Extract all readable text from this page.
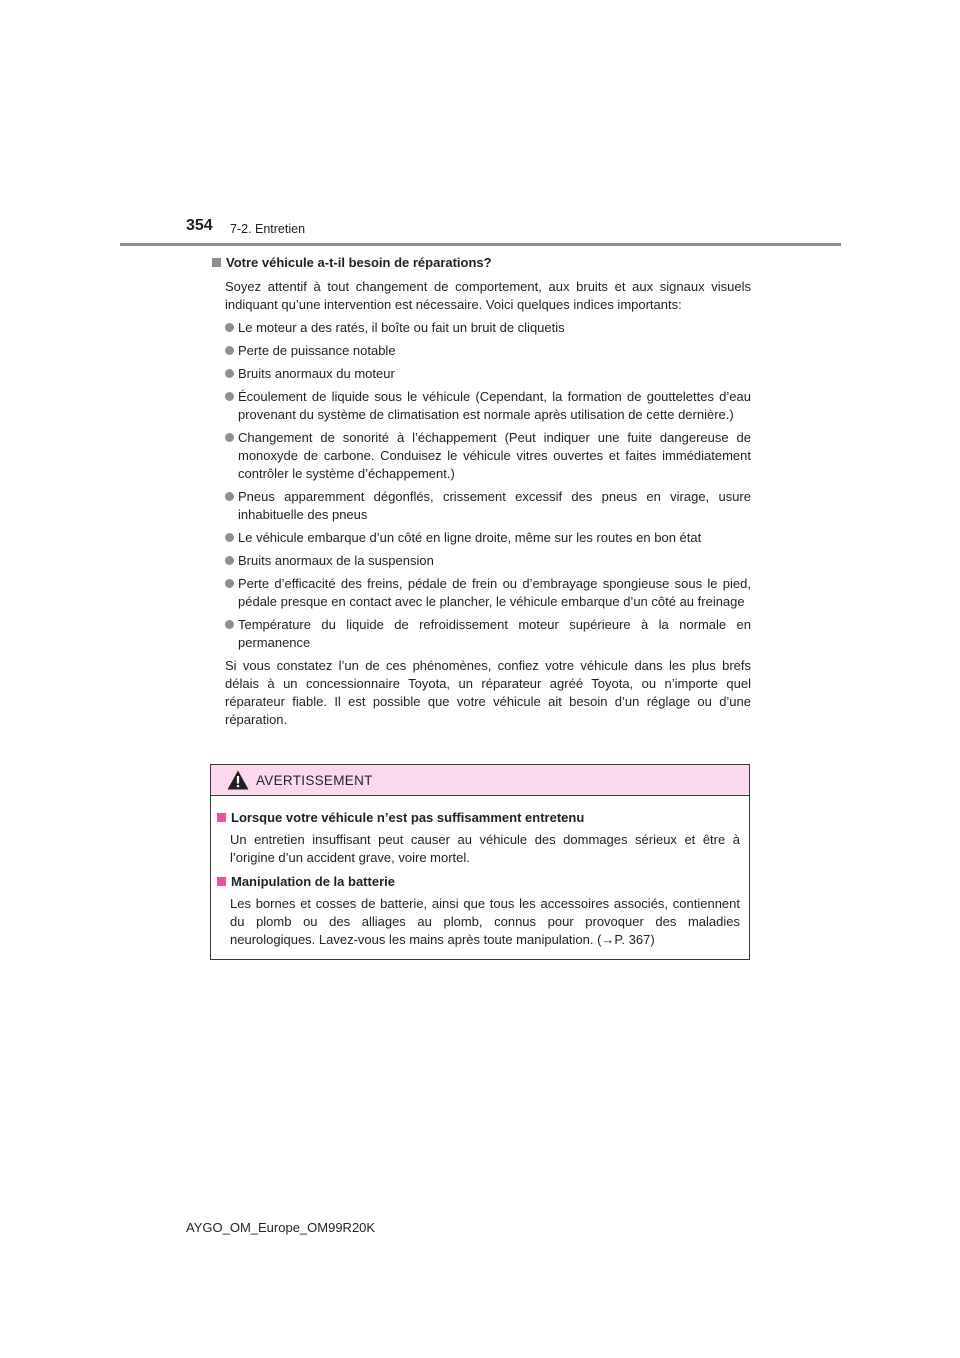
354 7-2. Entretien
Votre véhicule a-t-il besoin de réparations?

Soyez attentif à tout changement de comportement, aux bruits et aux signaux visuels indiquant qu’une intervention est nécessaire. Voici quelques indices importants:

Le moteur a des ratés, il boîte ou fait un bruit de cliquetis
Perte de puissance notable
Bruits anormaux du moteur
Écoulement de liquide sous le véhicule (Cependant, la formation de gouttelettes d’eau provenant du système de climatisation est normale après utilisation de cette dernière.)
Changement de sonorité à l’échappement (Peut indiquer une fuite dangereuse de monoxyde de carbone. Conduisez le véhicule vitres ouvertes et faites immédiatement contrôler le système d’échappement.)
Pneus apparemment dégonflés, crissement excessif des pneus en virage, usure inhabituelle des pneus
Le véhicule embarque d’un côté en ligne droite, même sur les routes en bon état
Bruits anormaux de la suspension
Perte d’efficacité des freins, pédale de frein ou d’embrayage spongieuse sous le pied, pédale presque en contact avec le plancher, le véhicule embarque d’un côté au freinage
Température du liquide de refroidissement moteur supérieure à la normale en permanence

Si vous constatez l’un de ces phénomènes, confiez votre véhicule dans les plus brefs délais à un concessionnaire Toyota, un réparateur agréé Toyota, ou n’importe quel réparateur fiable. Il est possible que votre véhicule ait besoin d’un réglage ou d’une réparation.

AVERTISSEMENT
Lorsque votre véhicule n’est pas suffisamment entretenu

Un entretien insuffisant peut causer au véhicule des dommages sérieux et être à l’origine d’un accident grave, voire mortel.

Manipulation de la batterie

Les bornes et cosses de batterie, ainsi que tous les accessoires associés, contiennent du plomb ou des alliages au plomb, connus pour provoquer des maladies neurologiques. Lavez-vous les mains après toute manipulation. (→P. 367)

AYGO_OM_Europe_OM99R20K
